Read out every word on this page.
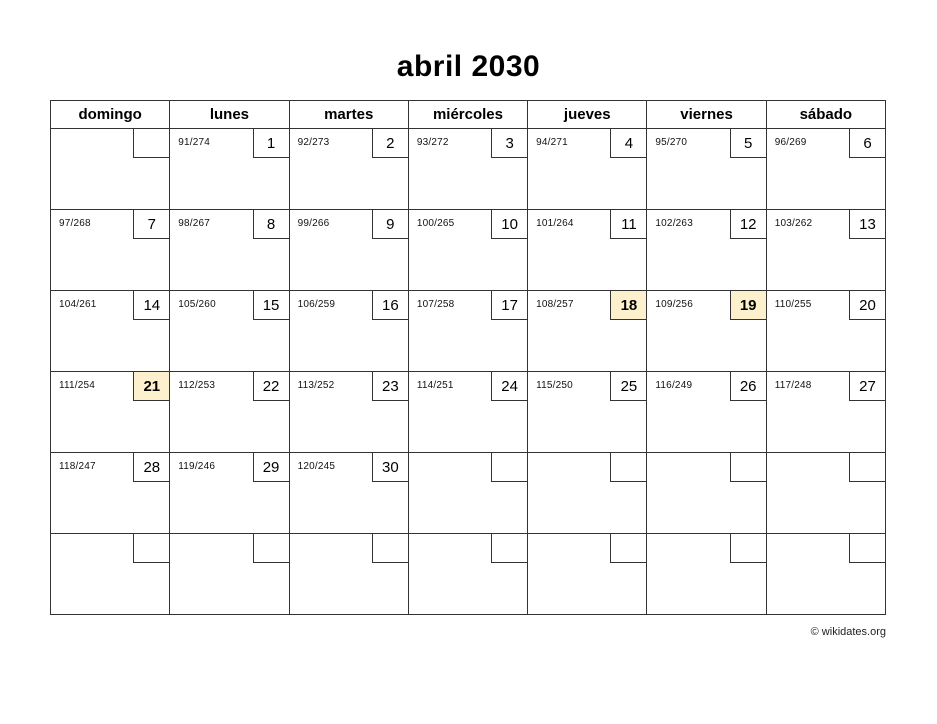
abril 2030
domingo	lunes	martes	miércoles	jueves	viernes	sábado

	91/274 1	92/273 2	93/272 3	94/271 4	95/270 5	96/269 6

97/268 7	98/267 8	99/266 9	100/265 10	101/264 11	102/263 12	103/262 13

104/261 14	105/260 15	106/259 16	107/258 17	108/257 18	109/256 19	110/255 20

111/254 21	112/253 22	113/252 23	114/251 24	115/250 25	116/249 26	117/248 27

118/247 28	119/246 29	120/245 30				

© wikidates.org
